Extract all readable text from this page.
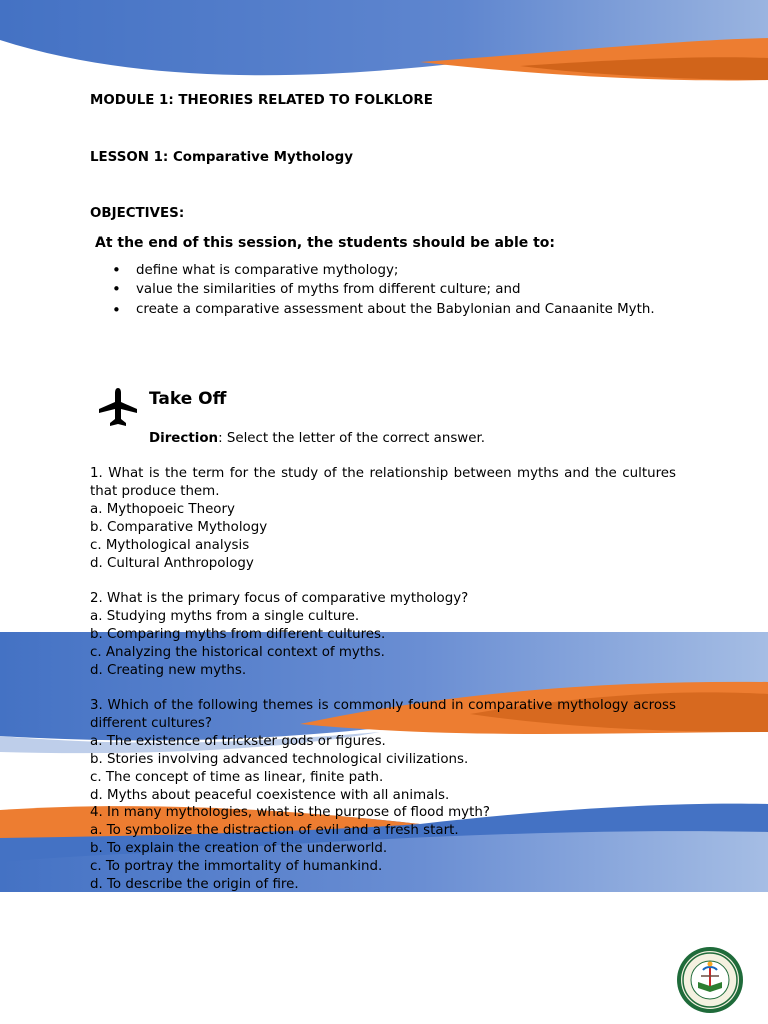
MODULE 1: THEORIES RELATED TO FOLKLORE
LESSON 1: Comparative Mythology
OBJECTIVES:
At the end of this session, the students should be able to:
• define what is comparative mythology;
• value the similarities of myths from different culture; and
• create a comparative assessment about the Babylonian and Canaanite Myth.
Take Off
Direction: Select the letter of the correct answer.
1. What is the term for the study of the relationship between myths and the cultures that produce them.
a. Mythopoeic Theory
b. Comparative Mythology
c. Mythological analysis
d. Cultural Anthropology
2. What is the primary focus of comparative mythology?
a. Studying myths from a single culture.
b. Comparing myths from different cultures.
c. Analyzing the historical context of myths.
d. Creating new myths.
3. Which of the following themes is commonly found in comparative mythology across different cultures?
a. The existence of trickster gods or figures.
b. Stories involving advanced technological civilizations.
c. The concept of time as linear, finite path.
d. Myths about peaceful coexistence with all animals.
4. In many mythologies, what is the purpose of flood myth?
a. To symbolize the distraction of evil and a fresh start.
b. To explain the creation of the underworld.
c. To portray the immortality of humankind.
d. To describe the origin of fire.
